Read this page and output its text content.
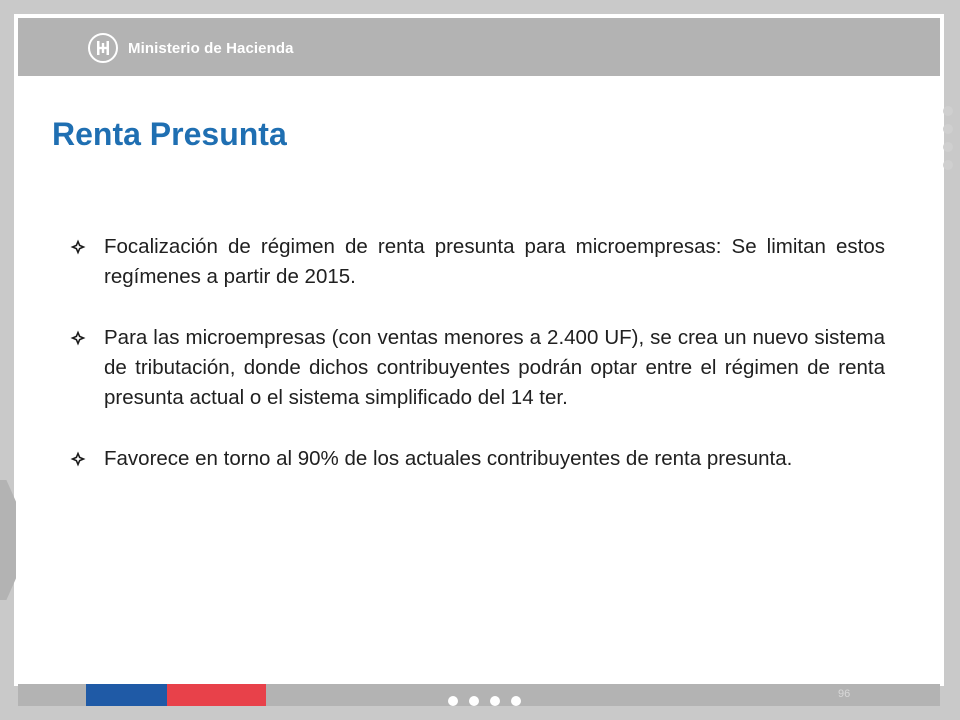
Ministerio de Hacienda
Renta Presunta
Focalización de régimen de renta presunta para microempresas: Se limitan estos regímenes a partir de 2015.
Para las microempresas (con ventas menores a 2.400 UF), se crea un nuevo sistema de tributación, donde dichos contribuyentes podrán optar entre el régimen de renta presunta actual o el sistema simplificado del 14 ter.
Favorece en torno al 90% de los actuales contribuyentes de renta presunta.
96
